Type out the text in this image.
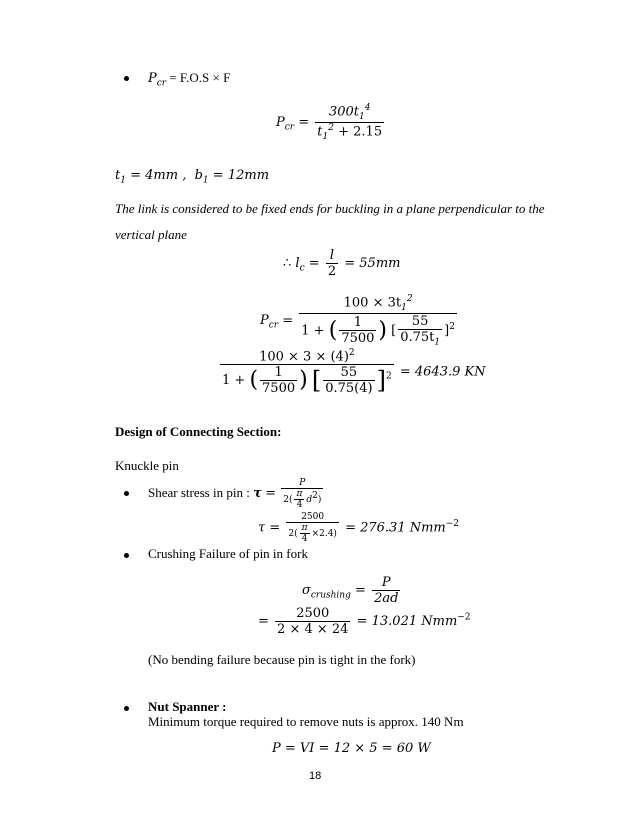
$P_{cr} = F.O.S \times F$
$P_{cr} = \frac{300t_1^4}{t_1^2 + 2.15}$
$t_1 = 4mm$ , $b_1 = 12mm$
The link is considered to be fixed ends for buckling in a plane perpendicular to the vertical plane
∴ $l_c = \frac{l}{2} = 55mm$
$P_{cr} = \frac{100 \times 3t_1^2}{1 + ( \frac{1}{7500} ) [ \frac{55}{0.75t_1} ]^2}$
$\frac{100 \times 3 \times (4)^2}{1 + ( \frac{1}{7500} ) [ \frac{55}{0.75(4)} ]^2} = 4643.9$ KN
Design of Connecting Section:
Knuckle pin
Shear stress in pin : $\tau = \frac{P}{2( \frac{\pi}{4} d^2)}$
$\tau = \frac{2500}{2( \frac{\pi}{4} \times 2.4)} = 276.31$ Nmm$^{-2}$
Crushing Failure of pin in fork
$\sigma_{crushing} = \frac{P}{2ad}$
= $\frac{2500}{2 \times 4 \times 24} = 13.021$ Nmm$^{-2}$
(No bending failure because pin is tight in the fork)
Nut Spanner :
Minimum torque required to remove nuts is approx. 140 Nm
P = VI = 12 × 5 = 60 W
18
